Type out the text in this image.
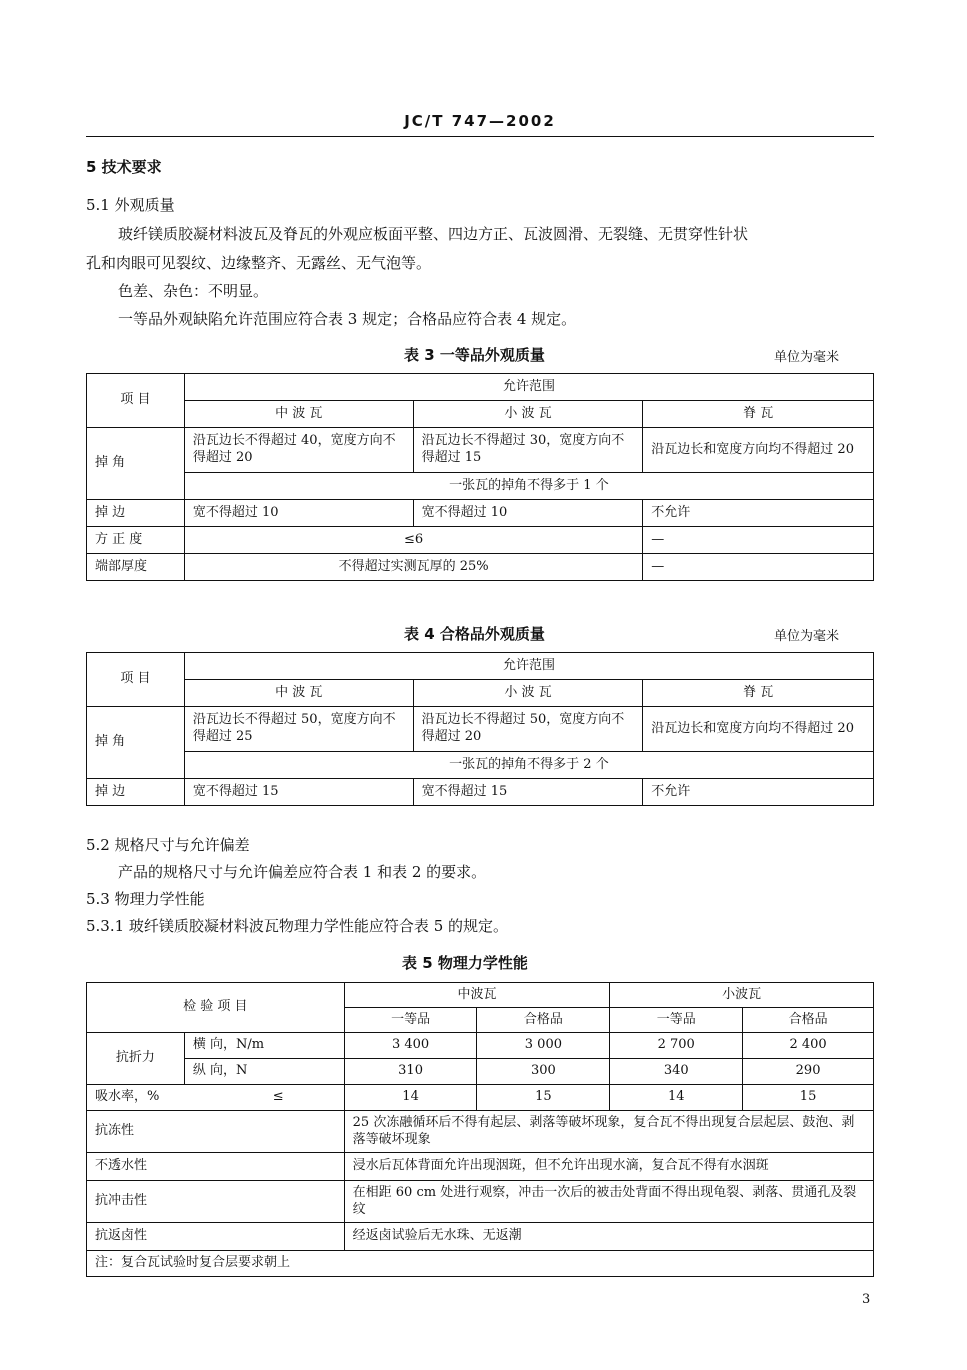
JC/T 747—2002
5 技术要求
5.1 外观质量
玻纤镁质胶凝材料波瓦及脊瓦的外观应板面平整、四边方正、瓦波圆滑、无裂缝、无贯穿性针状
孔和肉眼可见裂纹、边缘整齐、无露丝、无气泡等。
色差、杂色：不明显。
一等品外观缺陷允许范围应符合表 3 规定；合格品应符合表 4 规定。
表 3 一等品外观质量	单位为毫米
项 目	允许范围		
	中 波 瓦	小 波 瓦	脊 瓦
掉 角	沿瓦边长不得超过 40，宽度方向不得超过 20	沿瓦边长不得超过 30，宽度方向不得超过 15	沿瓦边长和宽度方向均不得超过 20
	一张瓦的掉角不得多于 1 个		
掉 边	宽不得超过 10	宽不得超过 10	不允许
方 正 度	≤6		—
端部厚度	不得超过实测瓦厚的 25%		—
表 4 合格品外观质量	单位为毫米
项 目	允许范围		
	中 波 瓦	小 波 瓦	脊 瓦
掉 角	沿瓦边长不得超过 50，宽度方向不得超过 25	沿瓦边长不得超过 50，宽度方向不得超过 20	沿瓦边长和宽度方向均不得超过 20
	一张瓦的掉角不得多于 2 个		
掉 边	宽不得超过 15	宽不得超过 15	不允许
5.2 规格尺寸与允许偏差
产品的规格尺寸与允许偏差应符合表 1 和表 2 的要求。
5.3 物理力学性能
5.3.1 玻纤镁质胶凝材料波瓦物理力学性能应符合表 5 的规定。
表 5 物理力学性能
检 验 项 目		中波瓦		小波瓦	
		一等品	合格品	一等品	合格品
抗折力	横 向，N/m	3 400	3 000	2 700	2 400
	纵 向，N	310	300	340	290
吸水率，% ≤		14	15	14	15
抗冻性		25 次冻融循环后不得有起层、剥落等破坏现象，复合瓦不得出现复合层起层、鼓泡、剥落等破坏现象			
不透水性		浸水后瓦体背面允许出现洇斑，但不允许出现水滴，复合瓦不得有水洇斑			
抗冲击性		在相距 60 cm 处进行观察，冲击一次后的被击处背面不得出现龟裂、剥落、贯通孔及裂纹			
抗返卤性		经返卤试验后无水珠、无返潮			
注：复合瓦试验时复合层要求朝上					
3
